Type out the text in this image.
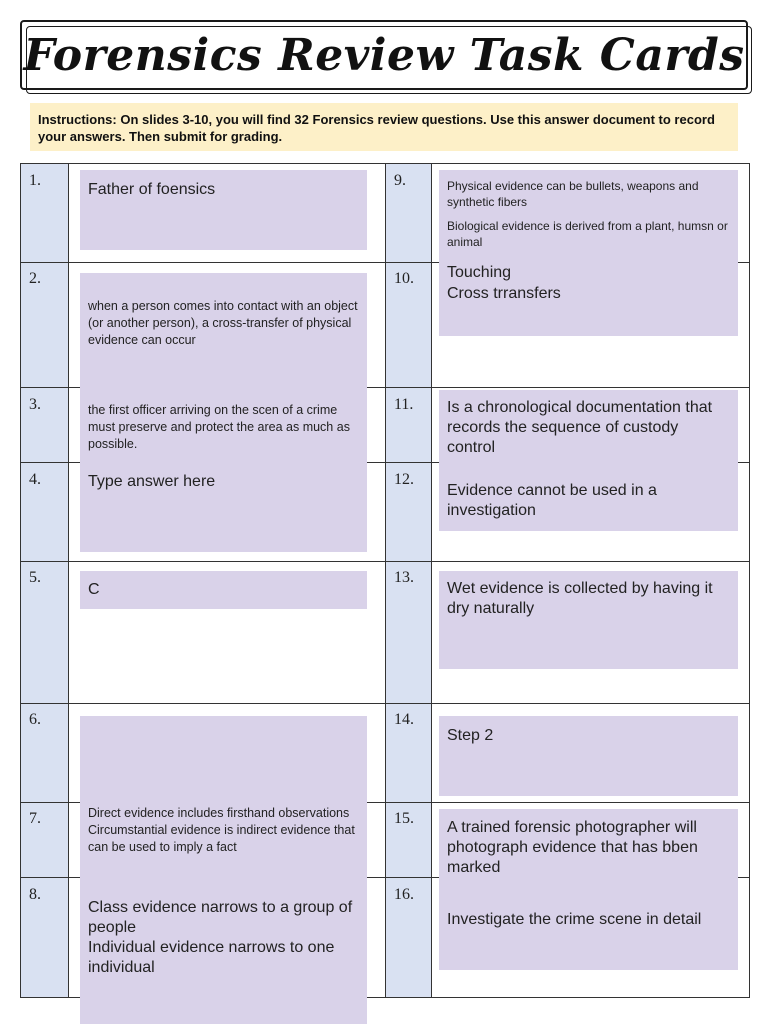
Forensics Review Task Cards
Instructions: On slides 3-10, you will find 32 Forensics review questions. Use this answer document to record your answers. Then submit for grading.
1.
2.
3.
4.
5.
6.
7.
8.
9.
10.
11.
12.
13.
14.
15.
16.
Father of foensics
when a person comes into contact with an object (or another person), a cross-transfer of physical evidence can occur
the first officer arriving on the scen of a crime must preserve and protect the area as much as possible.
Type answer here
C
Direct evidence includes firsthand observations
Circumstantial evidence is indirect evidence that can be used to imply a fact
Class evidence narrows to a group of people
Individual evidence narrows to one individual
Physical evidence can be bullets, weapons and synthetic fibers
Biological evidence is derived from a plant, humsn or animal
Touching
Cross trransfers
Is a chronological documentation that records the sequence of custody control
Evidence cannot be used in a investigation
Wet evidence is collected by having it dry naturally
Step 2
A trained forensic photographer will photograph evidence that has bben marked
Investigate the crime scene in detail
